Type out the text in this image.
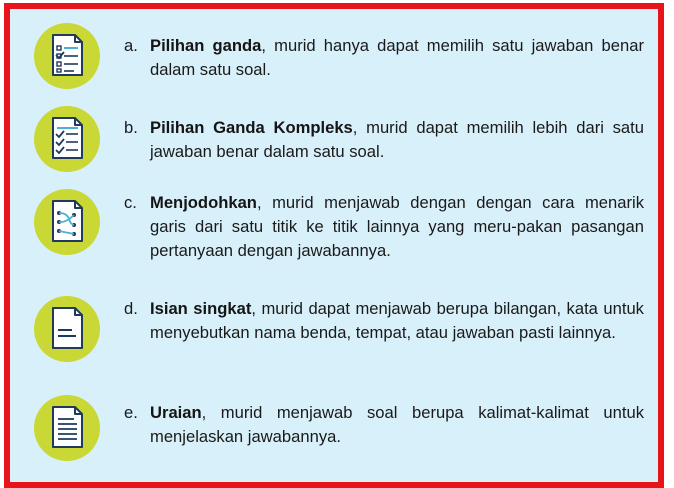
a. Pilihan ganda, murid hanya dapat memilih satu jawaban benar dalam satu soal.
b. Pilihan Ganda Kompleks, murid dapat memilih lebih dari satu jawaban benar dalam satu soal.
c. Menjodohkan, murid menjawab dengan dengan cara menarik garis dari satu titik ke titik lainnya yang meru-pakan pasangan pertanyaan dengan jawabannya.
d. Isian singkat, murid dapat menjawab berupa bilangan, kata untuk menyebutkan nama benda, tempat, atau jawaban pasti lainnya.
e. Uraian, murid menjawab soal berupa kalimat-kalimat untuk menjelaskan jawabannya.
